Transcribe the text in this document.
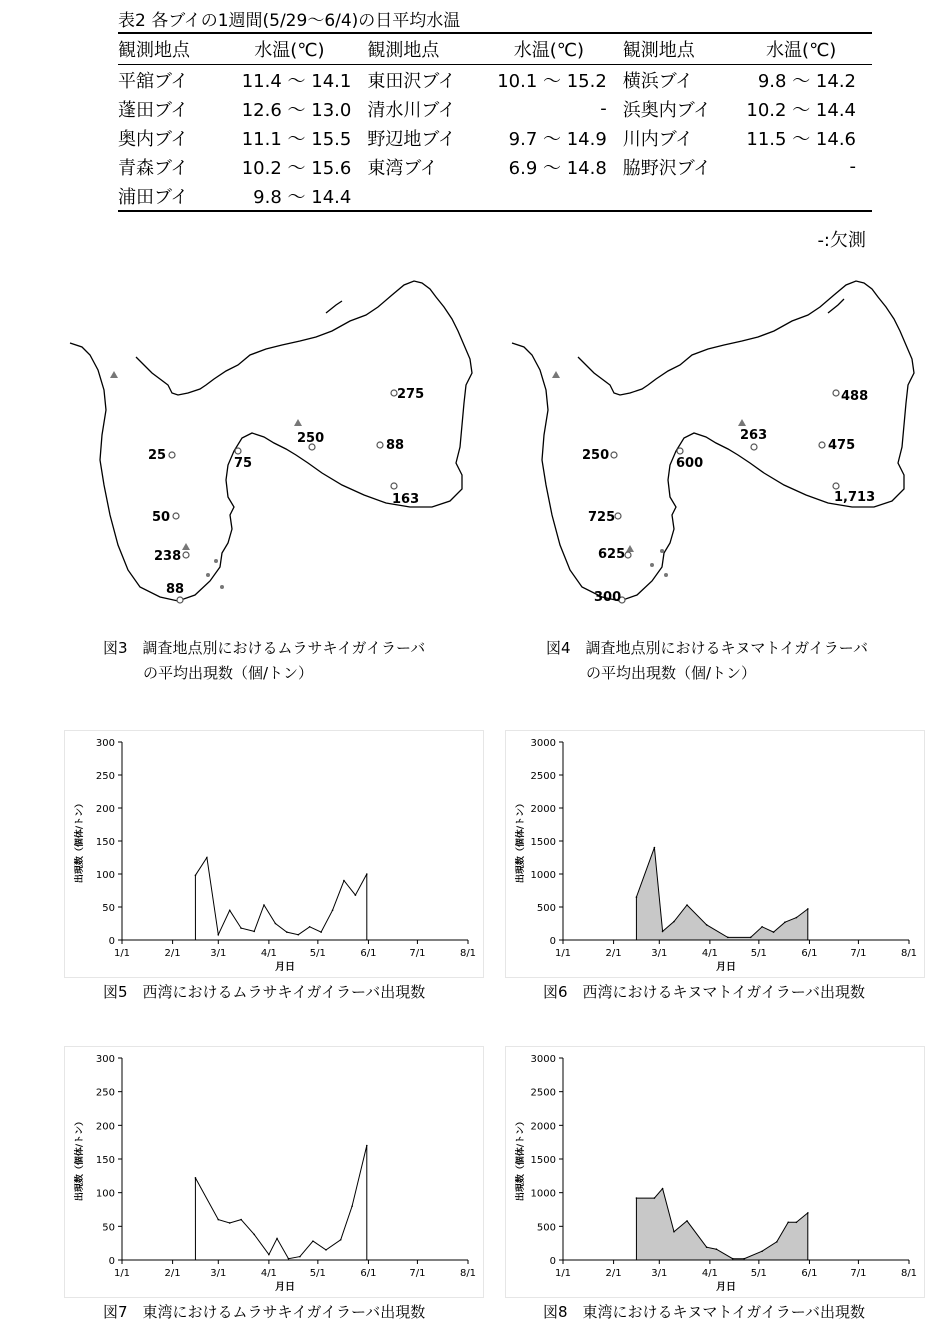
表2 各ブイの1週間(5/29～6/4)の日平均水温
観測地点	水温(℃)	観測地点	水温(℃)	観測地点	水温(℃)
平舘ブイ	11.4 ～ 14.1	東田沢ブイ	10.1 ～ 15.2	横浜ブイ	9.8 ～ 14.2
蓬田ブイ	12.6 ～ 13.0	清水川ブイ	-	浜奥内ブイ	10.2 ～ 14.4
奥内ブイ	11.1 ～ 15.5	野辺地ブイ	9.7 ～ 14.9	川内ブイ	11.5 ～ 14.6
青森ブイ	10.2 ～ 15.6	東湾ブイ	6.9 ～ 14.8	脇野沢ブイ	-
浦田ブイ	9.8 ～ 14.4				
-:欠測
275
250	88
25
75
163
50
238
88
488
263
475
250
600
1,713
725
625
300
図3　調査地点別におけるムラサキイガイラーバ
の平均出現数（個/トン）
図4　調査地点別におけるキヌマトイガイラーバ
の平均出現数（個/トン）
0
50
100
150
200
250
300
1/1	2/1	3/1	4/1	5/1	6/1	7/1	8/1
月日
出現数（個体/トン）
図5　西湾におけるムラサキイガイラーバ出現数
0
500
1000
1500
2000
2500
3000
1/1	2/1	3/1	4/1	5/1	6/1	7/1	8/1
月日
出現数（個体/トン）
図6　西湾におけるキヌマトイガイラーバ出現数
0
50
100
150
200
250
300
1/1	2/1	3/1	4/1	5/1	6/1	7/1	8/1
月日
出現数（個体/トン）
図7　東湾におけるムラサキイガイラーバ出現数
0
500
1000
1500
2000
2500
3000
1/1	2/1	3/1	4/1	5/1	6/1	7/1	8/1
月日
出現数（個体/トン）
図8　東湾におけるキヌマトイガイラーバ出現数
